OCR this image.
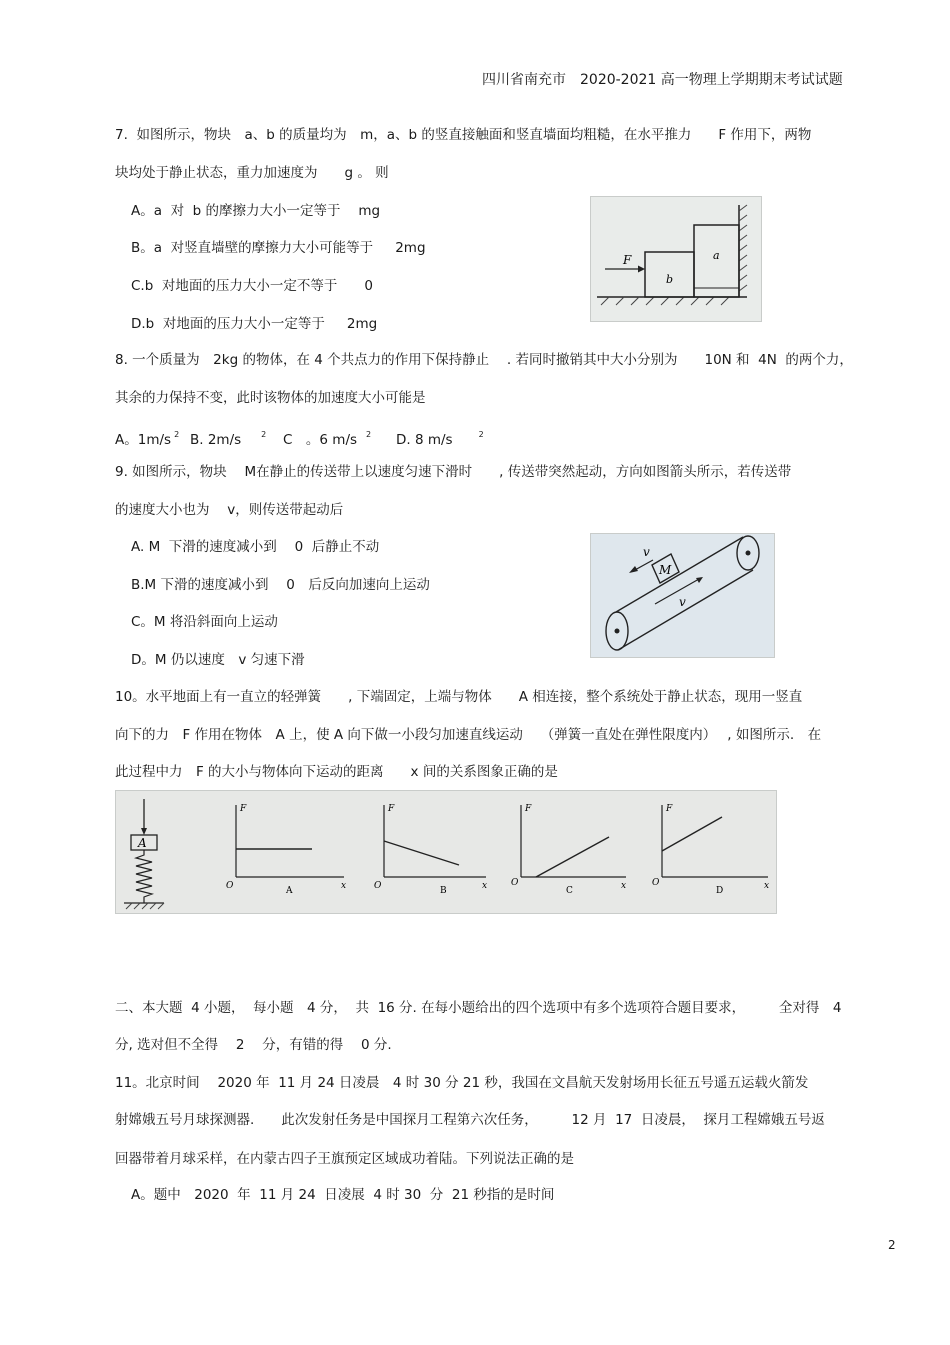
四川省南充市　2020-2021 高一物理上学期期末考试试题
7.  如图所示，物块　a、b 的质量均为　m，a、b 的竖直接触面和竖直墙面均粗糙，在水平推力　　F 作用下，两物
块均处于静止状态，重力加速度为　　g 。 则
A。a  对  b 的摩擦力大小一定等于　 mg
B。a  对竖直墙壁的摩擦力大小可能等于　  2mg
C.b  对地面的压力大小一定不等于　　0
D.b  对地面的压力大小一定等于　  2mg
F
b
a
8. 一个质量为　2kg 的物体，在 4 个共点力的作用下保持静止　 . 若同时撤销其中大小分别为　　10N 和  4N  的两个力，
其余的力保持不变，此时该物体的加速度大小可能是
A。1m/s $^2$ B. 2m/s	$^2$ C　。6 m/s $^2$ D. 8 m/s	$^2$
9. 如图所示，物块　 M在静止的传送带上以速度匀速下滑时　　, 传送带突然起动，方向如图箭头所示，若传送带
的速度大小也为　 v，则传送带起动后
A. M  下滑的速度减小到　 0  后静止不动
B.M 下滑的速度减小到　 0　后反向加速向上运动
C。M 将沿斜面向上运动
D。M 仍以速度　v 匀速下滑
M
v
v
10。水平地面上有一直立的轻弹簧　　, 下端固定，上端与物体　　A 相连接，整个系统处于静止状态，现用一竖直
向下的力　F 作用在物体　A 上，使 A 向下做一小段匀加速直线运动　 （弹簧一直处在弹性限度内）　 , 如图所示.　在
此过程中力　F 的大小与物体向下运动的距离　　x 间的关系图象正确的是
A
F
O	x
A
F
O	x
B
F
O	x
C
F
O	x
D
二、本大题  4 小题，  每小题　4 分，  共  16 分. 在每小题给出的四个选项中有多个选项符合题目要求，　　　全对得　4
分, 选对但不全得　 2　 分，有错的得　 0 分.
11。北京时间　 2020 年  11 月 24 日凌晨　4 时 30 分 21 秒，我国在文昌航天发射场用长征五号遥五运载火箭发
射嫦娥五号月球探测器.　　此次发射任务是中国探月工程第六次任务，　　　12 月  17  日凌晨，  探月工程嫦娥五号返
回器带着月球采样，在内蒙古四子王旗预定区域成功着陆。下列说法正确的是
A。题中　2020  年  11 月 24  日凌展  4 时 30  分  21 秒指的是时间
2
